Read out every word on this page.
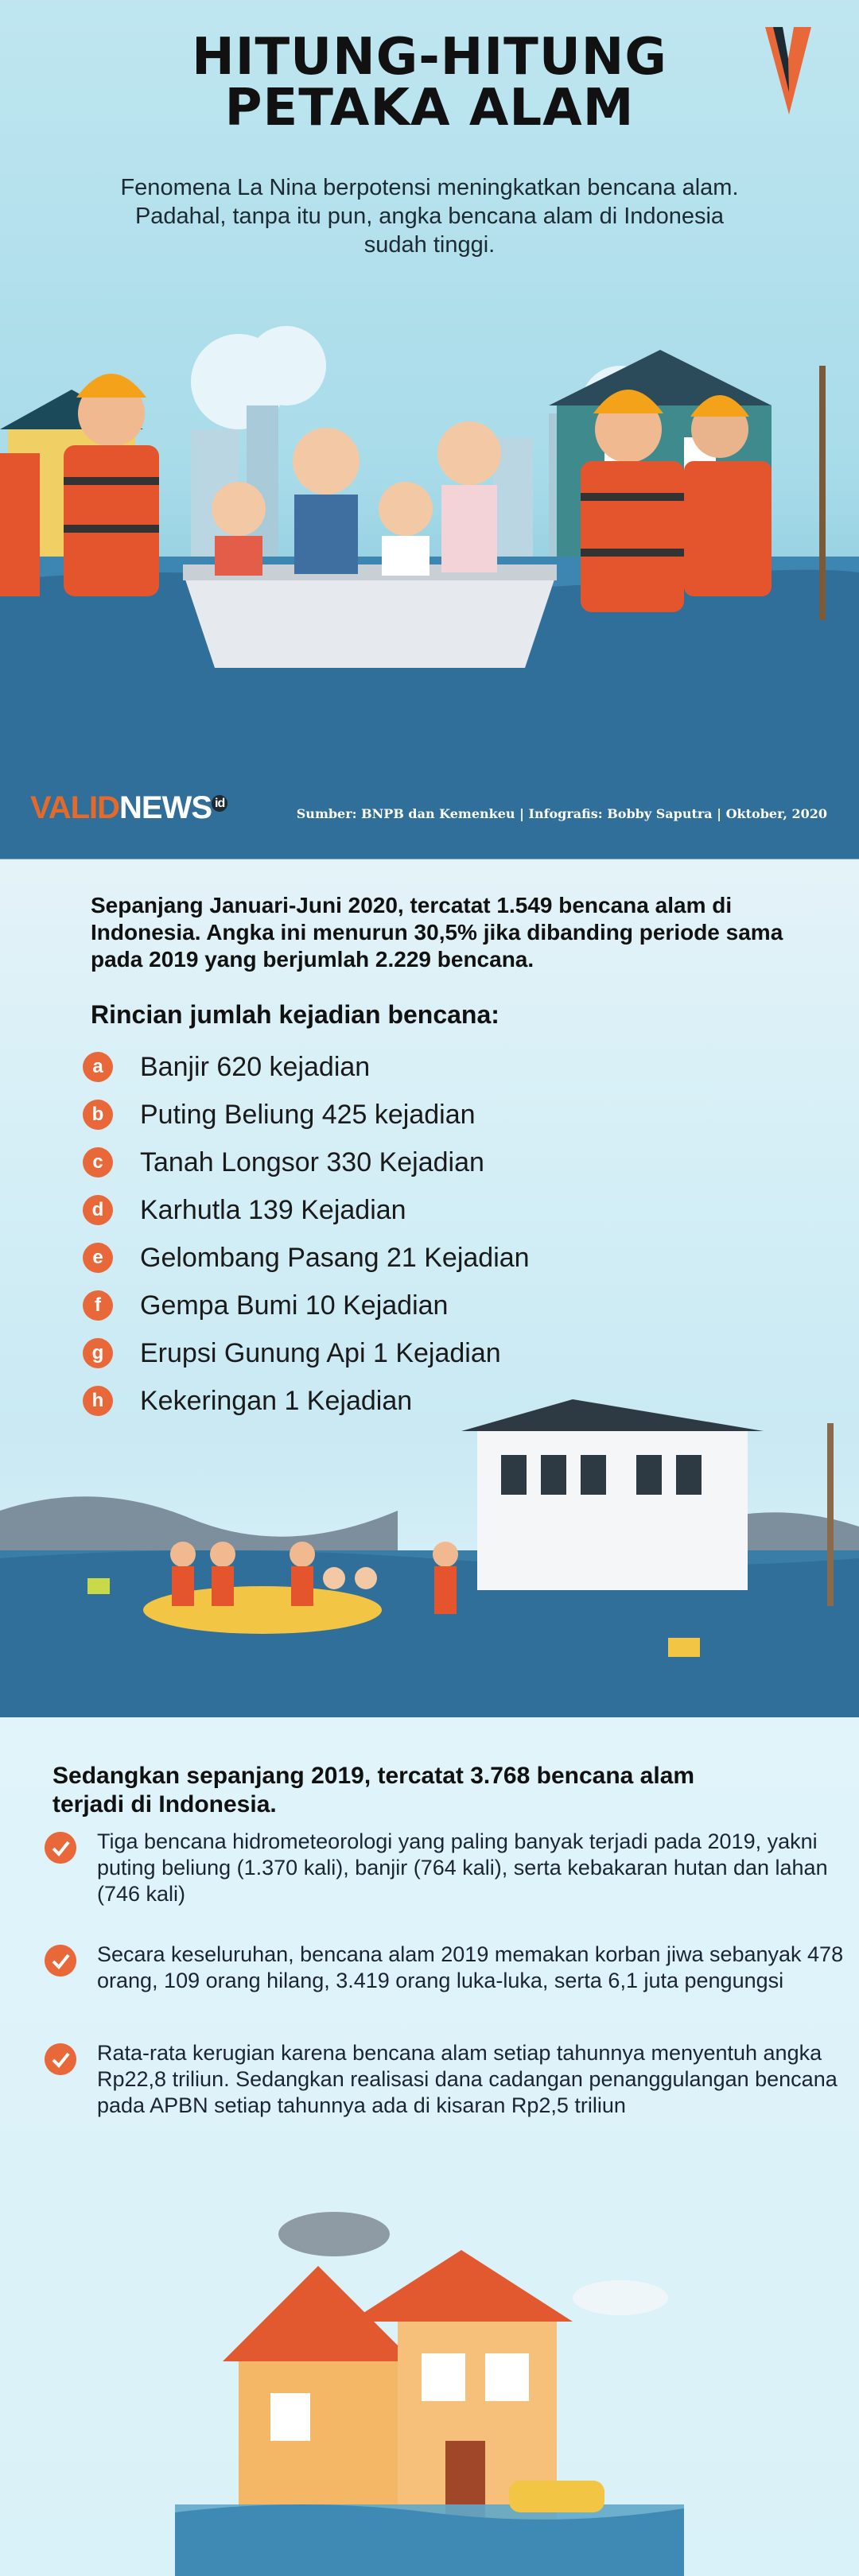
HITUNG-HITUNG
PETAKA ALAM
Fenomena La Nina berpotensi meningkatkan bencana alam. Padahal, tanpa itu pun, angka bencana alam di Indonesia sudah tinggi.
VALIDNEWS $^{id}$
Sumber: BNPB dan Kemenkeu | Infografis: Bobby Saputra | Oktober, 2020
Sepanjang Januari-Juni 2020, tercatat 1.549 bencana alam di Indonesia. Angka ini menurun 30,5% jika dibanding periode sama pada 2019 yang berjumlah 2.229 bencana.
Rincian jumlah kejadian bencana:
a	Banjir 620 kejadian
b	Puting Beliung 425 kejadian
c	Tanah Longsor 330 Kejadian
d	Karhutla 139 Kejadian
e	Gelombang Pasang 21 Kejadian
f	Gempa Bumi 10 Kejadian
g	Erupsi Gunung Api 1 Kejadian
h	Kekeringan 1 Kejadian
Sedangkan sepanjang 2019, tercatat 3.768 bencana alam terjadi di Indonesia.
Tiga bencana hidrometeorologi yang paling banyak terjadi pada 2019, yakni puting beliung (1.370 kali), banjir (764 kali), serta kebakaran hutan dan lahan (746 kali)
Secara keseluruhan, bencana alam 2019 memakan korban jiwa sebanyak 478 orang, 109 orang hilang, 3.419 orang luka-luka, serta 6,1 juta pengungsi
Rata-rata kerugian karena bencana alam setiap tahunnya menyentuh angka Rp22,8 triliun. Sedangkan realisasi dana cadangan penanggulangan bencana pada APBN setiap tahunnya ada di kisaran Rp2,5 triliun
